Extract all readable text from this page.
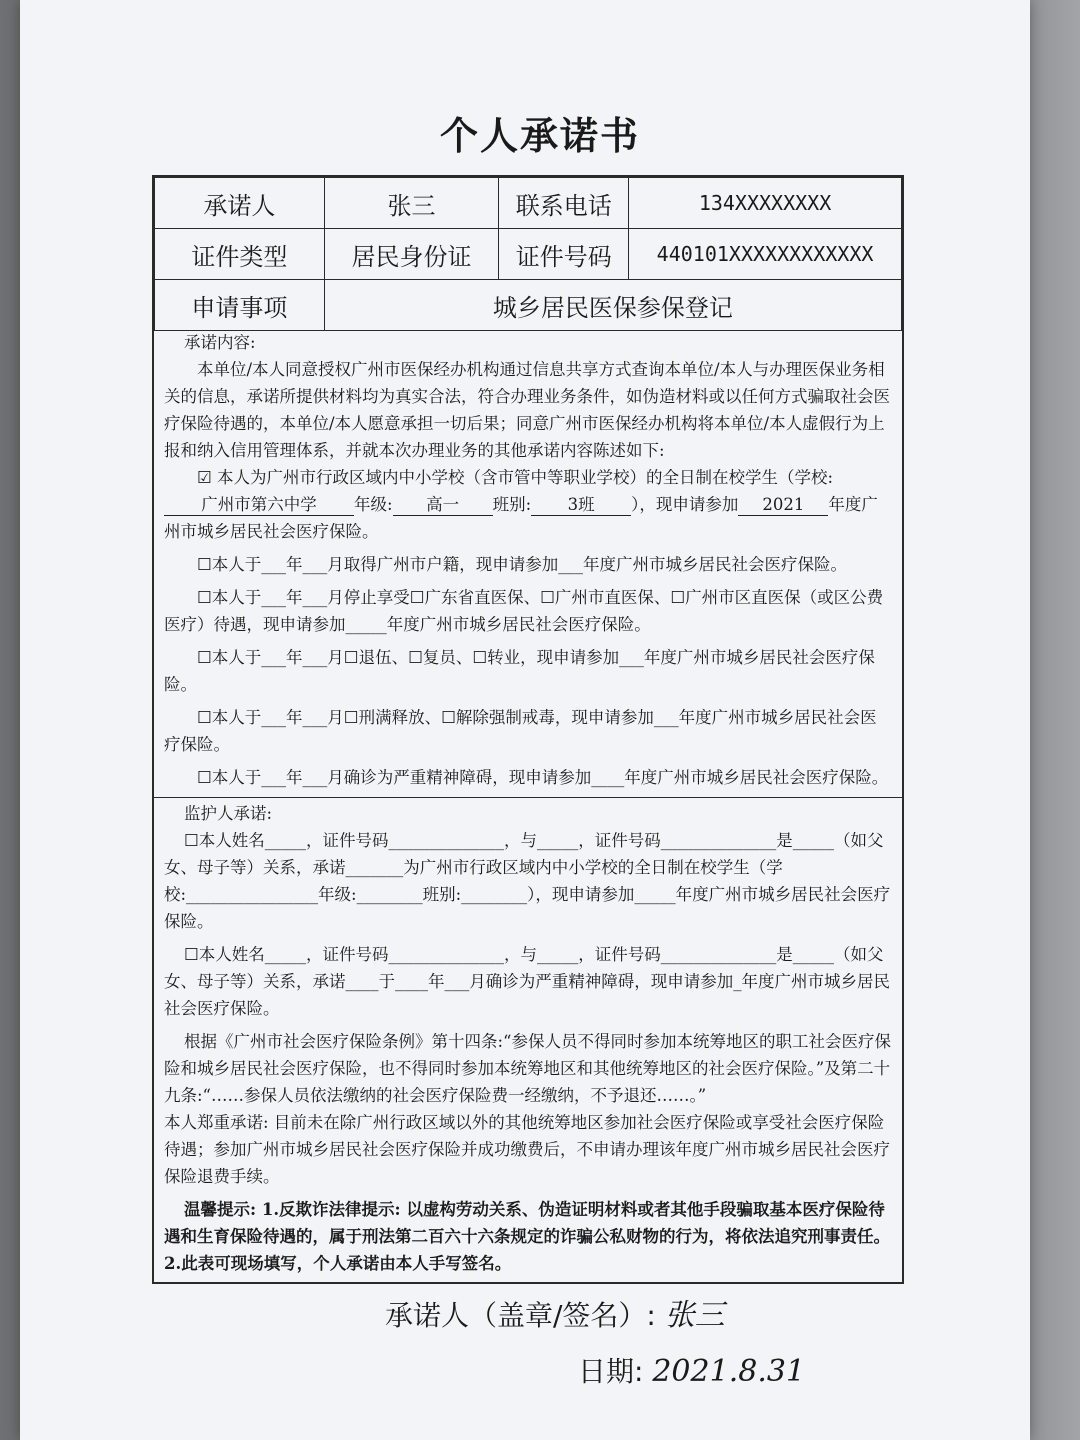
个人承诺书
承诺人	张三	联系电话	134XXXXXXXX
证件类型	居民身份证	证件号码	440101XXXXXXXXXXXX
申请事项	城乡居民医保参保登记		

承诺内容:

本单位/本人同意授权广州市医保经办机构通过信息共享方式查询本单位/本人与办理医保业务相关的信息，承诺所提供材料均为真实合法，符合办理业务条件，如伪造材料或以任何方式骗取社会医疗保险待遇的，本单位/本人愿意承担一切后果；同意广州市医保经办机构将本单位/本人虚假行为上报和纳入信用管理体系，并就本次办理业务的其他承诺内容陈述如下:

☑ 本人为广州市行政区域内中小学校（含市管中等职业学校）的全日制在校学生（学校:
广州市第六中学 年级: 高一 班别: 3班 ），现申请参加 2021 年度广州市城乡居民社会医疗保险。

☐本人于___年___月取得广州市户籍，现申请参加___年度广州市城乡居民社会医疗保险。

☐本人于___年___月停止享受☐广东省直医保、☐广州市直医保、☐广州市区直医保（或区公费医疗）待遇，现申请参加_____年度广州市城乡居民社会医疗保险。

☐本人于___年___月☐退伍、☐复员、☐转业，现申请参加___年度广州市城乡居民社会医疗保险。

☐本人于___年___月☐刑满释放、☐解除强制戒毒，现申请参加___年度广州市城乡居民社会医疗保险。

☐本人于___年___月确诊为严重精神障碍，现申请参加____年度广州市城乡居民社会医疗保险。

监护人承诺:

☐本人姓名_____，证件号码______________，与_____，证件号码______________是_____（如父女、母子等）关系，承诺_______为广州市行政区域内中小学校的全日制在校学生（学校:________________年级:________班别:________），现申请参加_____年度广州市城乡居民社会医疗保险。

☐本人姓名_____，证件号码______________，与_____，证件号码______________是_____（如父女、母子等）关系，承诺____于____年___月确诊为严重精神障碍，现申请参加_年度广州市城乡居民社会医疗保险。

根据《广州市社会医疗保险条例》第十四条:“参保人员不得同时参加本统筹地区的职工社会医疗保险和城乡居民社会医疗保险，也不得同时参加本统筹地区和其他统筹地区的社会医疗保险。”及第二十九条:“……参保人员依法缴纳的社会医疗保险费一经缴纳，不予退还……。”

本人郑重承诺: 目前未在除广州行政区域以外的其他统筹地区参加社会医疗保险或享受社会医疗保险待遇；参加广州市城乡居民社会医疗保险并成功缴费后，不申请办理该年度广州市城乡居民社会医疗保险退费手续。

温馨提示: 1.反欺诈法律提示: 以虚构劳动关系、伪造证明材料或者其他手段骗取基本医疗保险待遇和生育保险待遇的，属于刑法第二百六十六条规定的诈骗公私财物的行为，将依法追究刑事责任。2.此表可现场填写，个人承诺由本人手写签名。

承诺人（盖章/签名）: 张三
日期: 2021.8.31
